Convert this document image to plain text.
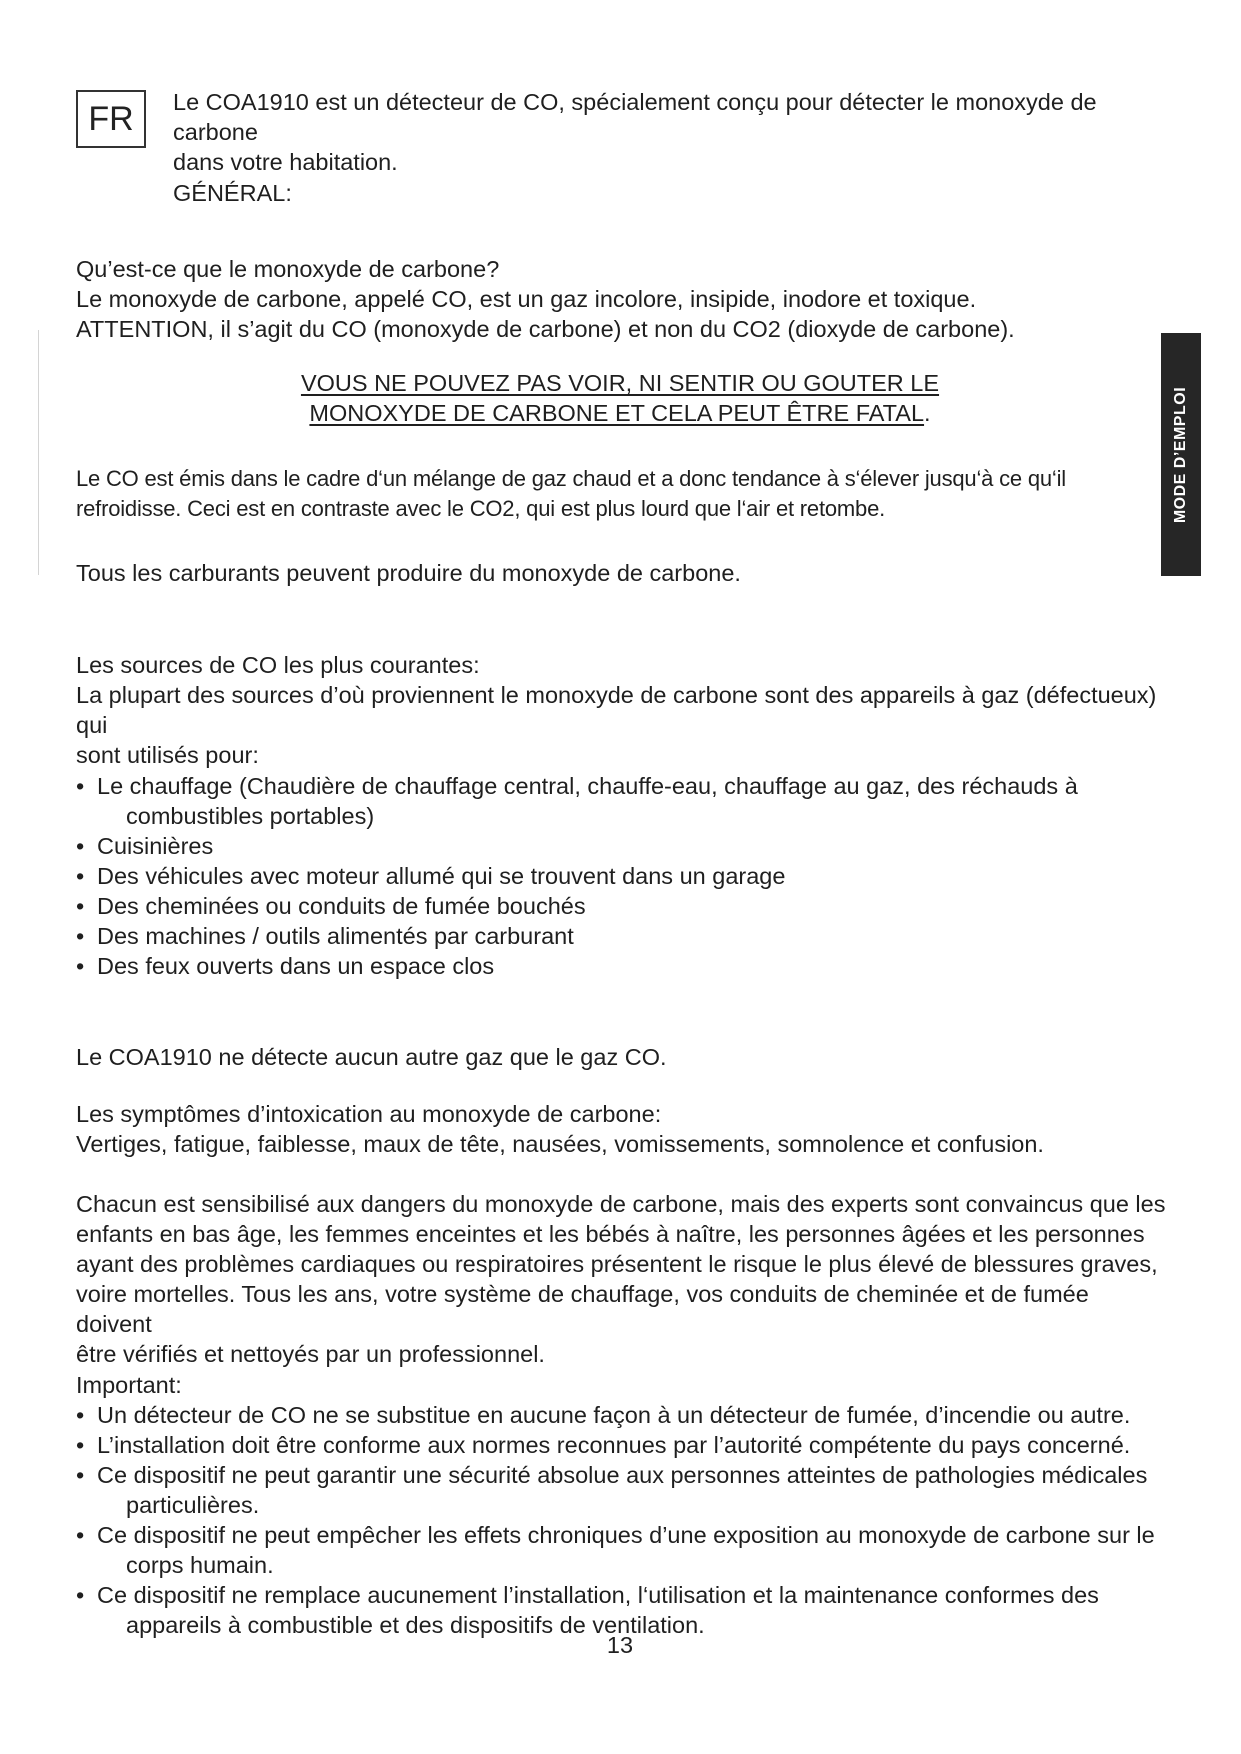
FR	Le COA1910 est un détecteur de CO, spécialement conçu pour détecter le monoxyde de carbone
dans votre habitation.
GÉNÉRAL:

Qu’est-ce que le monoxyde de carbone?

Le monoxyde de carbone, appelé CO, est un gaz incolore, insipide, inodore et toxique.

ATTENTION, il s’agit du CO (monoxyde de carbone) et non du CO2 (dioxyde de carbone).

VOUS NE POUVEZ PAS VOIR, NI SENTIR OU GOUTER LE
MONOXYDE DE CARBONE ET CELA PEUT ÊTRE FATAL.

Le CO est émis dans le cadre d‘un mélange de gaz chaud et a donc tendance à s‘élever jusqu‘à ce qu‘il

refroidisse. Ceci est en contraste avec le CO2, qui est plus lourd que l‘air et retombe.

Tous les carburants peuvent produire du monoxyde de carbone.

Les sources de CO les plus courantes:

La plupart des sources d’où proviennent le monoxyde de carbone sont des appareils à gaz (défectueux) qui

sont utilisés pour:

• Le chauffage (Chaudière de chauffage central, chauffe-eau, chauffage au gaz, des réchauds à
combustibles portables)
• Cuisinières
• Des véhicules avec moteur allumé qui se trouvent dans un garage
• Des cheminées ou conduits de fumée bouchés
• Des machines / outils alimentés par carburant
• Des feux ouverts dans un espace clos

Le COA1910 ne détecte aucun autre gaz que le gaz CO.

Les symptômes d’intoxication au monoxyde de carbone:

Vertiges, fatigue, faiblesse, maux de tête, nausées, vomissements, somnolence et confusion.

Chacun est sensibilisé aux dangers du monoxyde de carbone, mais des experts sont convaincus que les

enfants en bas âge, les femmes enceintes et les bébés à naître, les personnes âgées et les personnes

ayant des problèmes cardiaques ou respiratoires présentent le risque le plus élevé de blessures graves,

voire mortelles. Tous les ans, votre système de chauffage, vos conduits de cheminée et de fumée doivent

être vérifiés et nettoyés par un professionnel.

Important:

• Un détecteur de CO ne se substitue en aucune façon à un détecteur de fumée, d’incendie ou autre.
• L’installation doit être conforme aux normes reconnues par l’autorité compétente du pays concerné.
• Ce dispositif ne peut garantir une sécurité absolue aux personnes atteintes de pathologies médicales
particulières.
• Ce dispositif ne peut empêcher les effets chroniques d’une exposition au monoxyde de carbone sur le
corps humain.
• Ce dispositif ne remplace aucunement l’installation, l‘utilisation et la maintenance conformes des
appareils à combustible et des dispositifs de ventilation.
13
MODE D’EMPLOI
